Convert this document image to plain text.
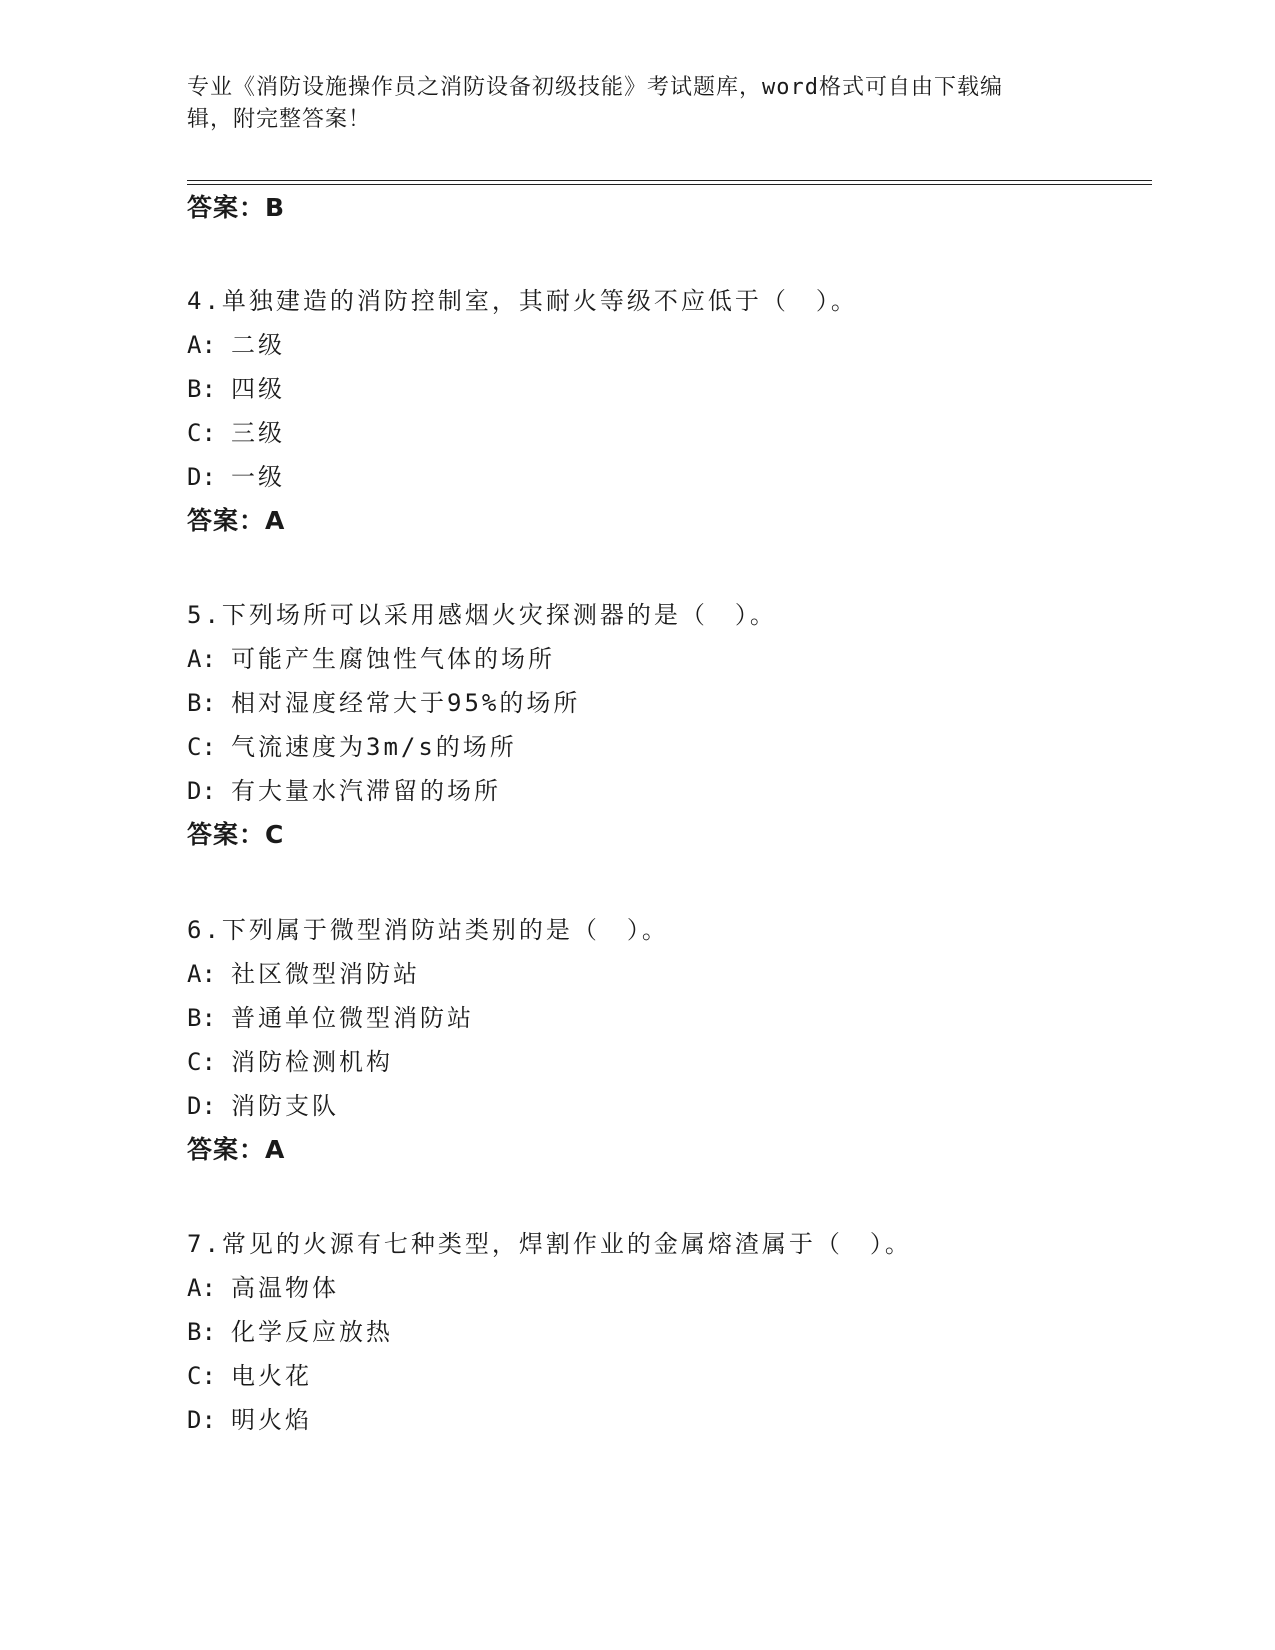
专业《消防设施操作员之消防设备初级技能》考试题库，word格式可自由下载编
辑，附完整答案！
答案：B
4.单独建造的消防控制室，其耐火等级不应低于（　）。
A: 二级
B: 四级
C: 三级
D: 一级
答案：A
5.下列场所可以采用感烟火灾探测器的是（　）。
A: 可能产生腐蚀性气体的场所
B: 相对湿度经常大于95%的场所
C: 气流速度为3m/s的场所
D: 有大量水汽滞留的场所
答案：C
6.下列属于微型消防站类别的是（　）。
A: 社区微型消防站
B: 普通单位微型消防站
C: 消防检测机构
D: 消防支队
答案：A
7.常见的火源有七种类型，焊割作业的金属熔渣属于（　）。
A: 高温物体
B: 化学反应放热
C: 电火花
D: 明火焰
